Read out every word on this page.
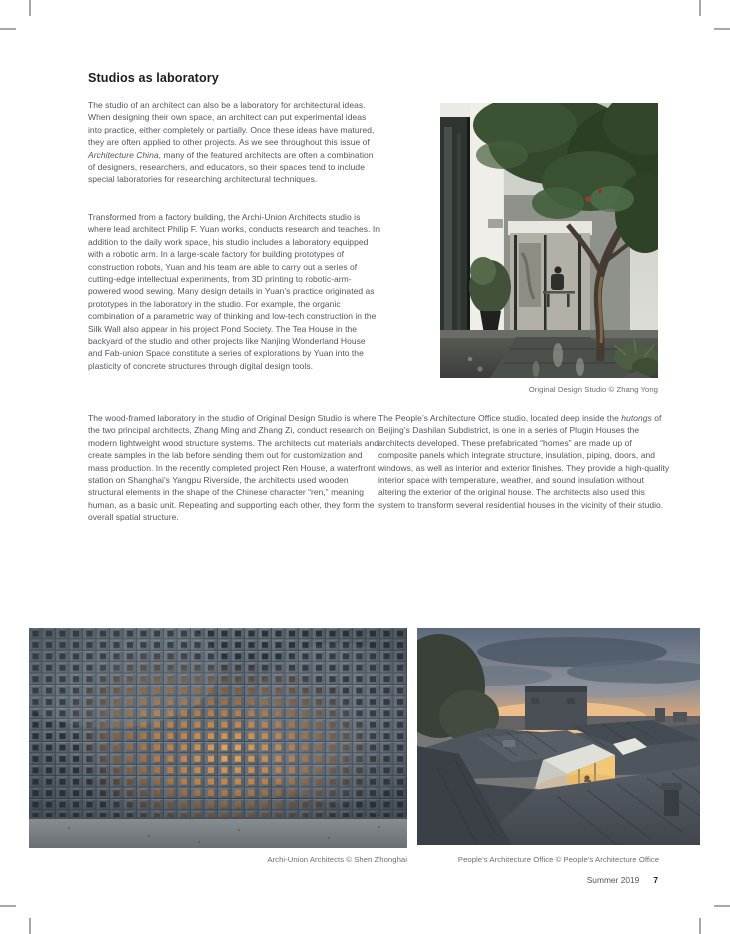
Studios as laboratory

The studio of an architect can also be a laboratory for architectural ideas. When designing their own space, an architect can put experimental ideas into practice, either completely or partially. Once these ideas have matured, they are often applied to other projects. As we see throughout this issue of Architecture China, many of the featured architects are often a combination of designers, researchers, and educators, so their spaces tend to include special laboratories for researching architectural techniques.

Transformed from a factory building, the Archi-Union Architects studio is where lead architect Philip F. Yuan works, conducts research and teaches. In addition to the daily work space, his studio includes a laboratory equipped with a robotic arm. In a large-scale factory for building prototypes of construction robots, Yuan and his team are able to carry out a series of cutting-edge intellectual experiments, from 3D printing to robotic-arm-powered wood sewing. Many design details in Yuan’s practice originated as prototypes in the laboratory in the studio. For example, the organic combination of a parametric way of thinking and low-tech construction in the Silk Wall also appear in his project Pond Society. The Tea House in the backyard of the studio and other projects like Nanjing Wonderland House and Fab-union Space constitute a series of explorations by Yuan into the plasticity of concrete structures through digital design tools.

The wood-framed laboratory in the studio of Original Design Studio is where the two principal architects, Zhang Ming and Zhang Zi, conduct research on modern lightweight wood structure systems. The architects cut materials and create samples in the lab before sending them out for customization and mass production. In the recently completed project Ren House, a waterfront station on Shanghai’s Yangpu Riverside, the architects used wooden structural elements in the shape of the Chinese character “ren,” meaning human, as a basic unit. Repeating and supporting each other, they form the overall spatial structure.

The People’s Architecture Office studio, located deep inside the hutongs of Beijing’s Dashilan Subdistrict, is one in a series of Plugin Houses the architects developed. These prefabricated “homes” are made up of composite panels which integrate structure, insulation, piping, doors, and windows, as well as interior and exterior finishes. They provide a high-quality interior space with temperature, weather, and sound insulation without altering the exterior of the original house. The architects also used this system to transform several residential houses in the vicinity of their studio.

Original Design Studio © Zhang Yong
Archi-Union Architects © Shen Zhonghai	People’s Architecture Office © People’s Architecture Office
Summer 2019 7
